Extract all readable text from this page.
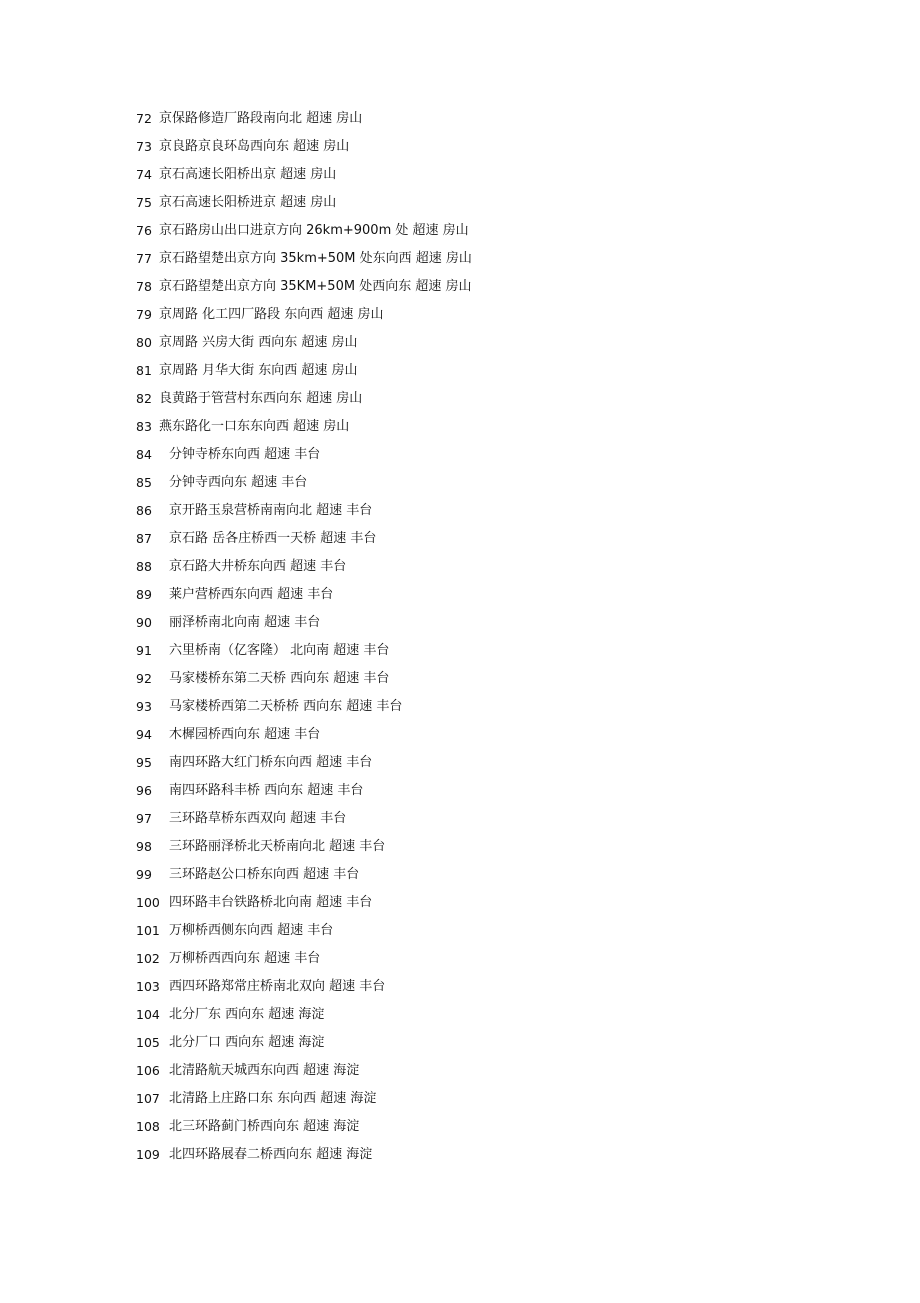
72 京保路修造厂路段南向北 超速 房山
73 京良路京良环岛西向东 超速 房山
74 京石高速长阳桥出京 超速 房山
75 京石高速长阳桥进京 超速 房山
76 京石路房山出口进京方向 26km+900m 处 超速 房山
77 京石路望楚出京方向 35km+50M 处东向西 超速 房山
78 京石路望楚出京方向 35KM+50M 处西向东 超速 房山
79 京周路 化工四厂路段 东向西 超速 房山
80 京周路 兴房大街 西向东 超速 房山
81 京周路 月华大街 东向西 超速 房山
82 良黄路于管营村东西向东 超速 房山
83 燕东路化一口东东向西 超速 房山
84	分钟寺桥东向西 超速 丰台
85	分钟寺西向东 超速 丰台
86	京开路玉泉营桥南南向北 超速 丰台
87	京石路 岳各庄桥西一天桥 超速 丰台
88	京石路大井桥东向西 超速 丰台
89	莱户营桥西东向西 超速 丰台
90	丽泽桥南北向南 超速 丰台
91	六里桥南（亿客隆） 北向南 超速 丰台
92	马家楼桥东第二天桥 西向东 超速 丰台
93	马家楼桥西第二天桥桥 西向东 超速 丰台
94	木樨园桥西向东 超速 丰台
95	南四环路大红门桥东向西 超速 丰台
96	南四环路科丰桥 西向东 超速 丰台
97	三环路草桥东西双向 超速 丰台
98	三环路丽泽桥北天桥南向北 超速 丰台
99	三环路赵公口桥东向西 超速 丰台
100 四环路丰台铁路桥北向南 超速 丰台
101 万柳桥西侧东向西 超速 丰台
102 万柳桥西西向东 超速 丰台
103 西四环路郑常庄桥南北双向 超速 丰台
104 北分厂东 西向东 超速 海淀
105 北分厂口 西向东 超速 海淀
106 北清路航天城西东向西 超速 海淀
107 北清路上庄路口东 东向西 超速 海淀
108 北三环路蓟门桥西向东 超速 海淀
109 北四环路展春二桥西向东 超速 海淀
